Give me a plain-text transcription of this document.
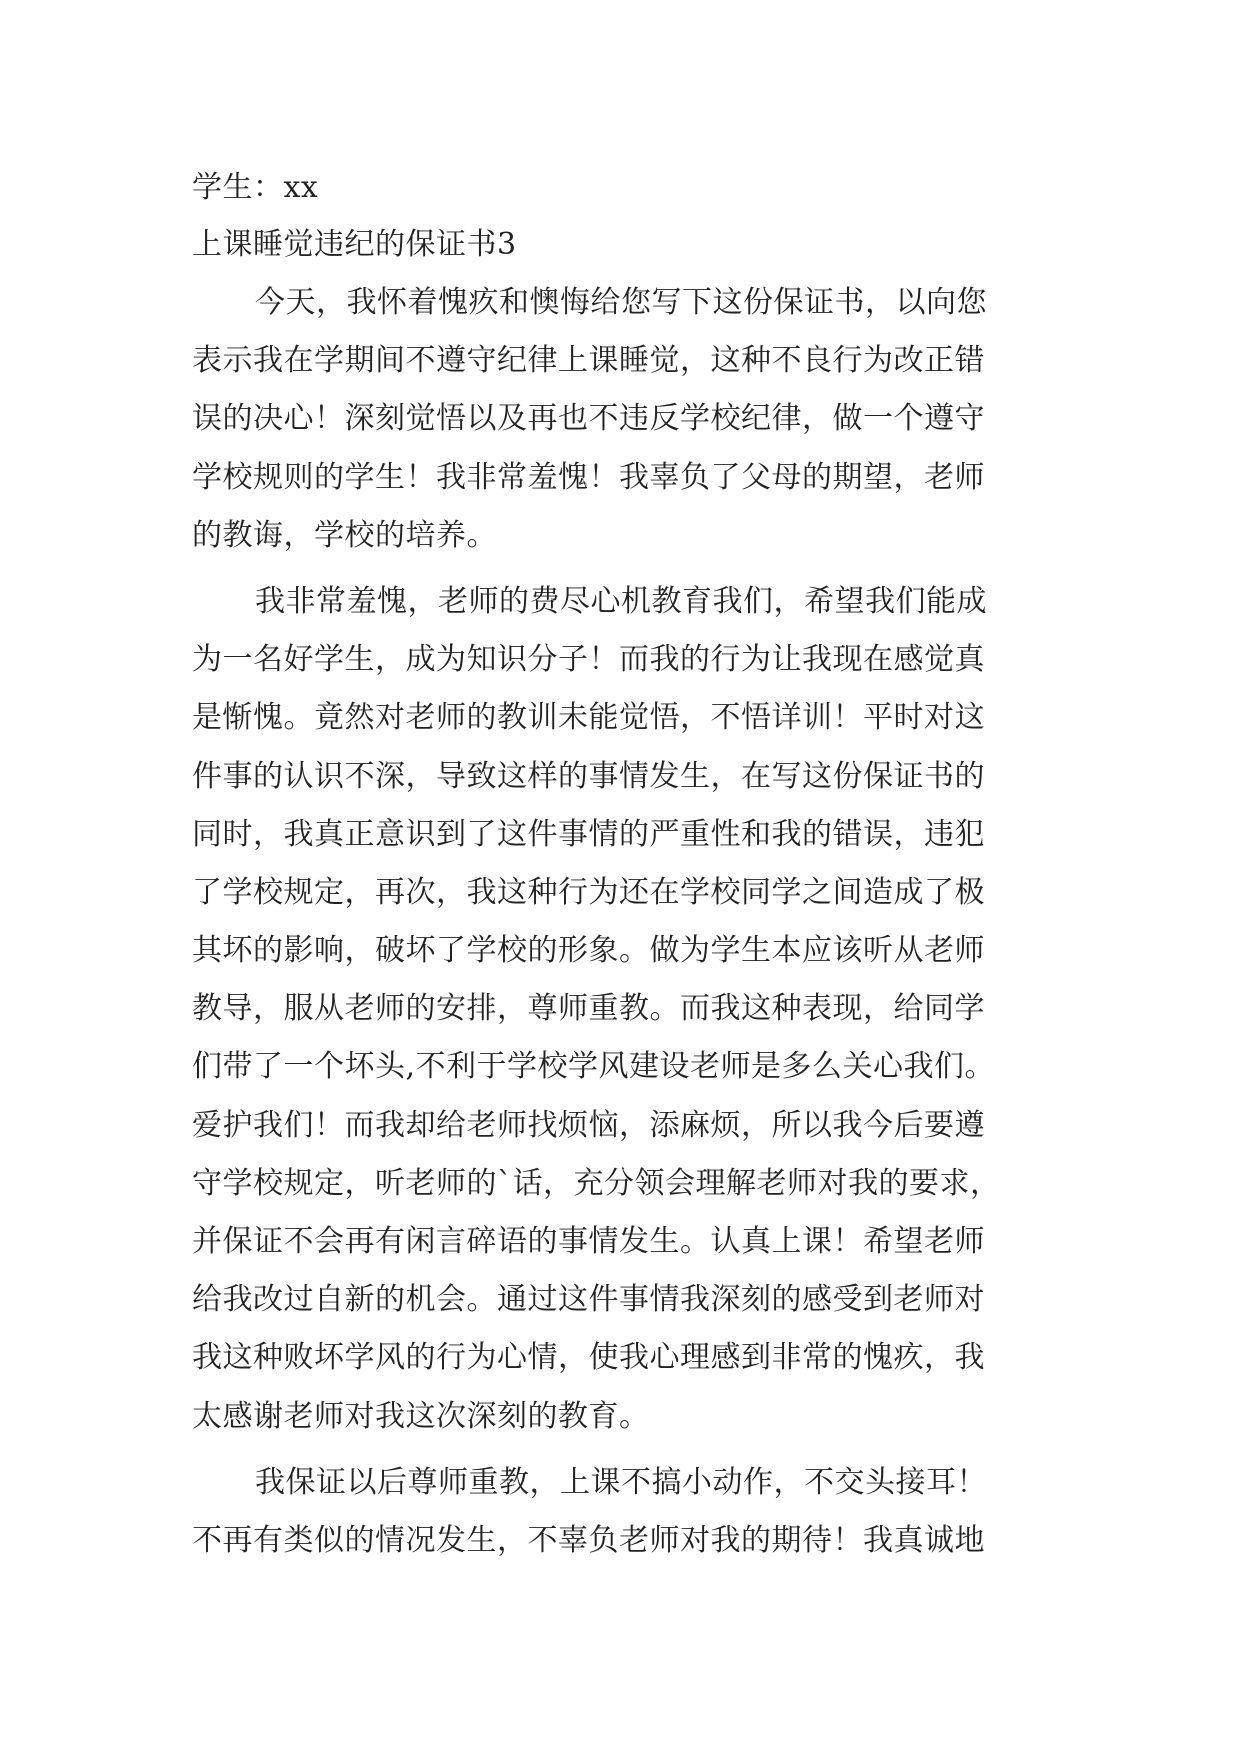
学生：xx
上课睡觉违纪的保证书3
今天，我怀着愧疚和懊悔给您写下这份保证书，以向您
表示我在学期间不遵守纪律上课睡觉，这种不良行为改正错
误的决心！深刻觉悟以及再也不违反学校纪律，做一个遵守
学校规则的学生！我非常羞愧！我辜负了父母的期望，老师
的教诲，学校的培养。
我非常羞愧，老师的费尽心机教育我们，希望我们能成
为一名好学生，成为知识分子！而我的行为让我现在感觉真
是惭愧。竟然对老师的教训未能觉悟，不悟详训！平时对这
件事的认识不深，导致这样的事情发生，在写这份保证书的
同时，我真正意识到了这件事情的严重性和我的错误，违犯
了学校规定，再次，我这种行为还在学校同学之间造成了极
其坏的影响，破坏了学校的形象。做为学生本应该听从老师
教导，服从老师的安排，尊师重教。而我这种表现，给同学
们带了一个坏头,不利于学校学风建设老师是多么关心我们。
爱护我们！而我却给老师找烦恼，添麻烦，所以我今后要遵
守学校规定，听老师的`话，充分领会理解老师对我的要求，
并保证不会再有闲言碎语的事情发生。认真上课！希望老师
给我改过自新的机会。通过这件事情我深刻的感受到老师对
我这种败坏学风的行为心情，使我心理感到非常的愧疚，我
太感谢老师对我这次深刻的教育。
我保证以后尊师重教，上课不搞小动作，不交头接耳！
不再有类似的情况发生，不辜负老师对我的期待！我真诚地
